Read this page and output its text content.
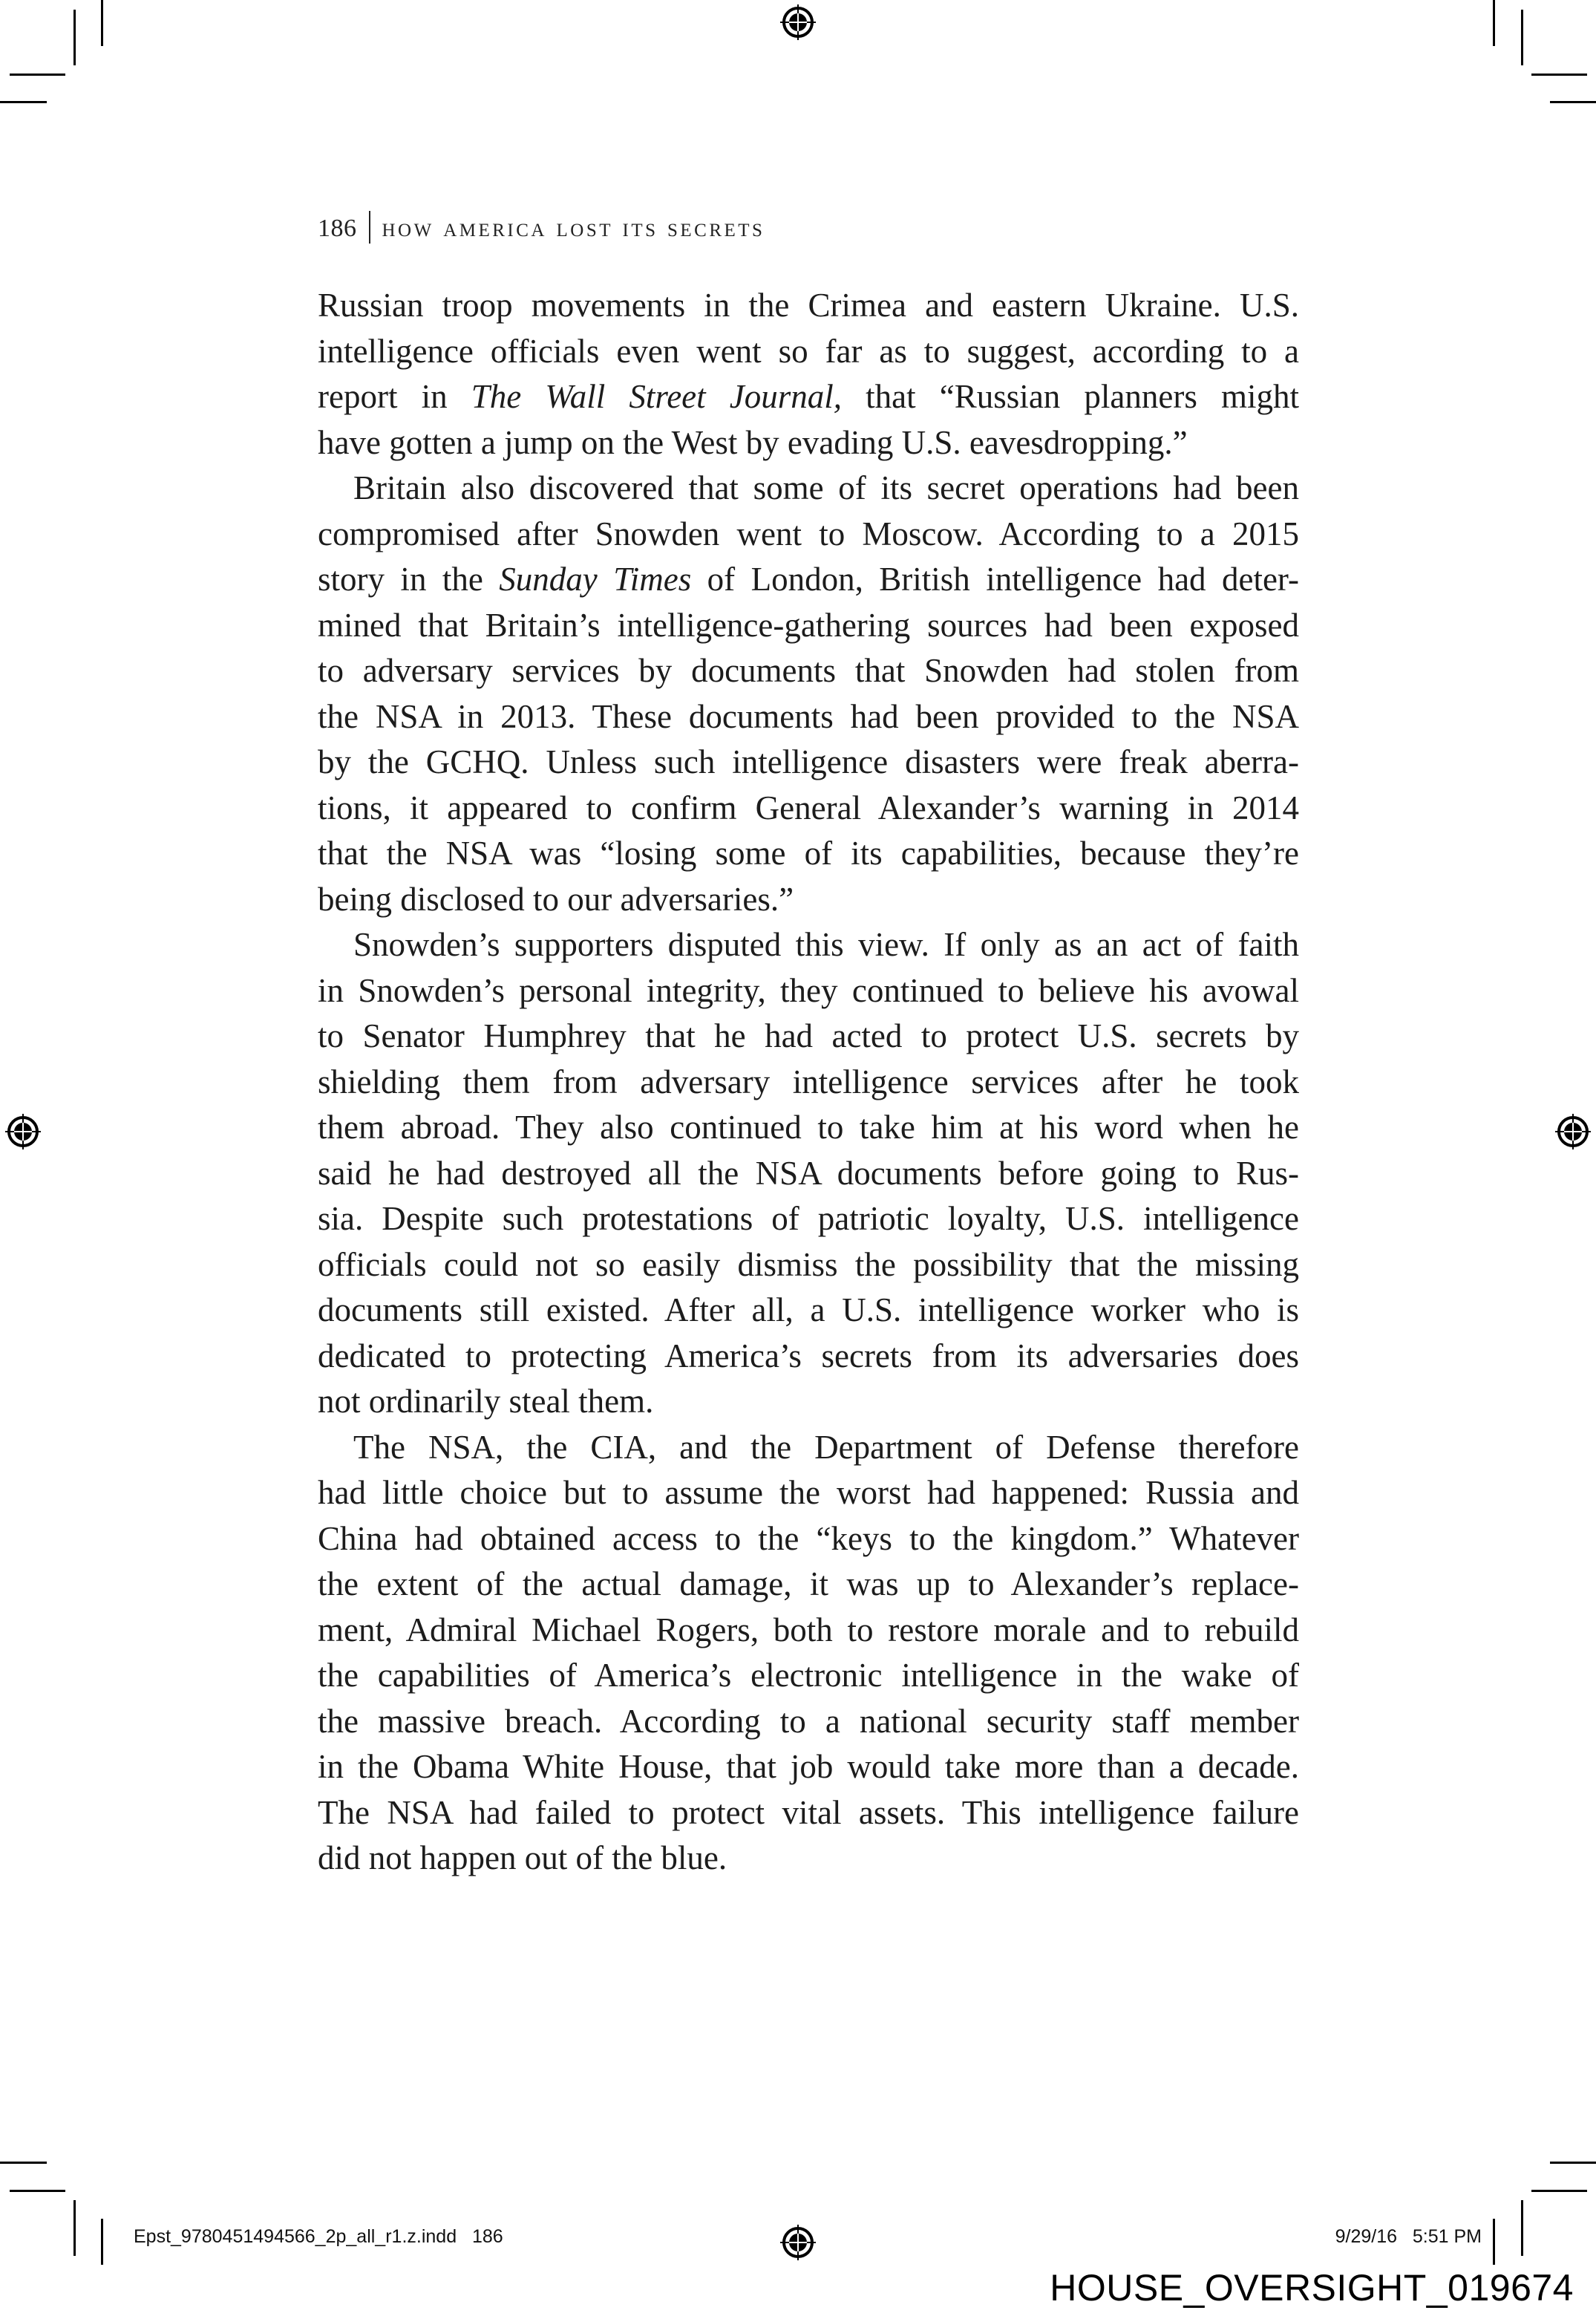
186 how america lost its secrets
Russian troop movements in the Crimea and eastern Ukraine. U.S.
intelligence officials even went so far as to suggest, according to a
report in The Wall Street Journal, that “Russian planners might
have gotten a jump on the West by evading U.S. eavesdropping.”
Britain also discovered that some of its secret operations had been
compromised after Snowden went to Moscow. According to a 2015
story in the Sunday Times of London, British intelligence had deter-
mined that Britain’s intelligence-gathering sources had been exposed
to adversary services by documents that Snowden had stolen from
the NSA in 2013. These documents had been provided to the NSA
by the GCHQ. Unless such intelligence disasters were freak aberra-
tions, it appeared to confirm General Alexander’s warning in 2014
that the NSA was “losing some of its capabilities, because they’re
being disclosed to our adversaries.”
Snowden’s supporters disputed this view. If only as an act of faith
in Snowden’s personal integrity, they continued to believe his avowal
to Senator Humphrey that he had acted to protect U.S. secrets by
shielding them from adversary intelligence services after he took
them abroad. They also continued to take him at his word when he
said he had destroyed all the NSA documents before going to Rus-
sia. Despite such protestations of patriotic loyalty, U.S. intelligence
officials could not so easily dismiss the possibility that the missing
documents still existed. After all, a U.S. intelligence worker who is
dedicated to protecting America’s secrets from its adversaries does
not ordinarily steal them.
The NSA, the CIA, and the Department of Defense therefore
had little choice but to assume the worst had happened: Russia and
China had obtained access to the “keys to the kingdom.” Whatever
the extent of the actual damage, it was up to Alexander’s replace-
ment, Admiral Michael Rogers, both to restore morale and to rebuild
the capabilities of America’s electronic intelligence in the wake of
the massive breach. According to a national security staff member
in the Obama White House, that job would take more than a decade.
The NSA had failed to protect vital assets. This intelligence failure
did not happen out of the blue.
Epst_9780451494566_2p_all_r1.z.indd 186	9/29/16 5:51 PM
HOUSE_OVERSIGHT_019674
